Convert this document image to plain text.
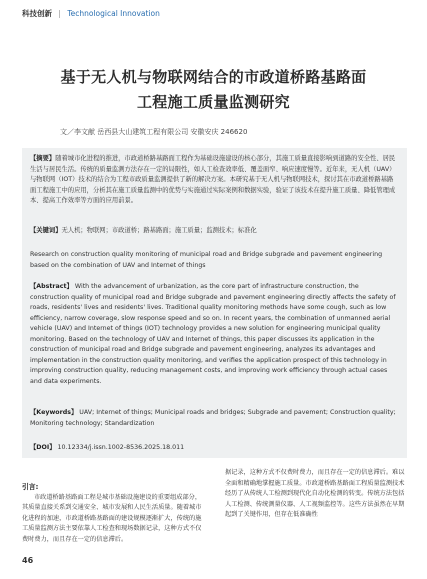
科技创新 | Technological Innovation
基于无人机与物联网结合的市政道桥路基路面
工程施工质量监测研究
文／李文献 岳西县大山建筑工程有限公司 安徽安庆 246620
【摘要】随着城市化进程的推进，市政道桥路基路面工程作为基础设施建设的核心部分，其施工质量直接影响到道路的安全性、居民生活与居民生活。传统的质量监测方法存在一定的局限性，如人工检查效率低、覆盖面窄、响应速度慢等。近年来，无人机（UAV）与物联网（IOT）技术的结合为工程市政质量监测提供了新的解决方案。本研究基于无人机与物联网技术，探讨其在市政道桥路基路面工程施工中的应用，分析其在施工质量监测中的优势与实施通过实际案例和数据实验，验证了该技术在提升施工质量、降低管理成本、提高工作效率等方面的应用前景。
【关键词】无人机；物联网；市政道桥；路基路面；施工质量；监测技术；标准化
Research on construction quality monitoring of municipal road and Bridge subgrade and pavement engineering based on the combination of UAV and Internet of things
【Abstract】 With the advancement of urbanization, as the core part of infrastructure construction, the construction quality of municipal road and Bridge subgrade and pavement engineering directly affects the safety of roads, residents' lives and residents' lives. Traditional quality monitoring methods have some cough, such as low efficiency, narrow coverage, slow response speed and so on. In recent years, the combination of unmanned aerial vehicle (UAV) and Internet of things (IOT) technology provides a new solution for engineering municipal quality monitoring. Based on the technology of UAV and Internet of things, this paper discusses its application in the construction of municipal road and Bridge subgrade and pavement engineering, analyzes its advantages and implementation in the construction quality monitoring, and verifies the application prospect of this technology in improving construction quality, reducing management costs, and improving work efficiency through actual cases and data experiments.
【Keywords】 UAV; Internet of things; Municipal roads and bridges; Subgrade and pavement; Construction quality; Monitoring technology; Standardization
【DOI】 10.12334/j.issn.1002-8536.2025.18.011
引言:
市政道桥路基路面工程是城市基础设施建设的重要组成部分，其质量直接关系到交通安全、城市发展和人民生活质量。随着城市化进程的加速，市政道桥路基路面的建设规模逐渐扩大，传统的施工质量监测方法主要依靠人工检查和现场数据记录，这种方式不仅费时费力，而且存在一定的信息滞后。
据记录，这种方式不仅费时费力，而且存在一定的信息滞后。难以全面和精确地掌握施工质量。市政道桥路基路面工程质量监测技术经历了从传统人工检测到现代化自动化检测的转变。传统方法包括人工检测、传统测量仪器、人工视频监控等。这些方法虽然在早期起到了关键作用，但存在低准确性
46
